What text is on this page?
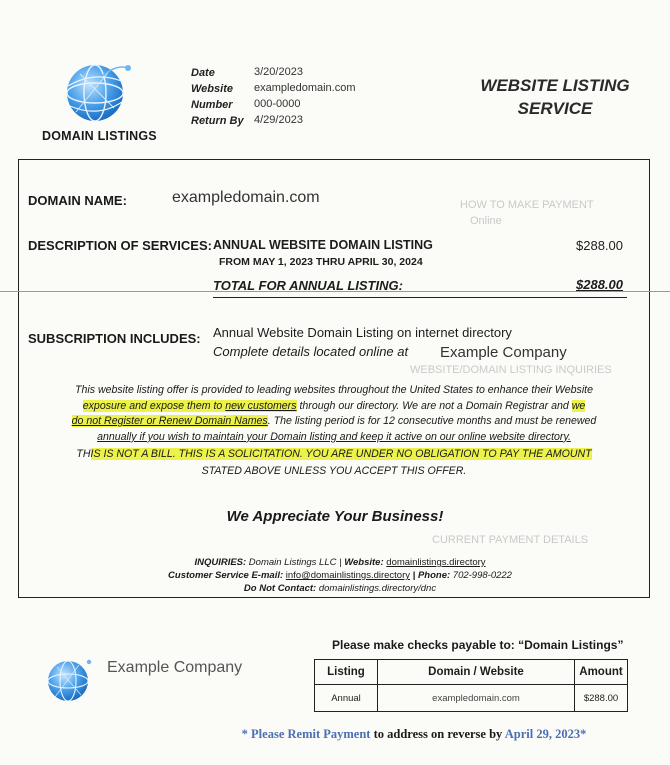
HOW TO MAKE PAYMENT
Online
WEBSITE/DOMAIN LISTING INQUIRIES
CURRENT PAYMENT DETAILS
DOMAIN LISTINGS
Date	3/20/2023
Website exampledomain.com
Number 000-0000
Return By 4/29/2023
WEBSITE LISTING
SERVICE
DOMAIN NAME:	exampledomain.com
DESCRIPTION OF SERVICES: ANNUAL WEBSITE DOMAIN LISTING
FROM MAY 1, 2023 THRU APRIL 30, 2024
$288.00
TOTAL FOR ANNUAL LISTING:	$288.00
SUBSCRIPTION INCLUDES: Annual Website Domain Listing on internet directory
Complete details located online at Example Company
This website listing offer is provided to leading websites throughout the United States to enhance their Website
exposure and expose them to new customers through our directory. We are not a Domain Registrar and we
do not Register or Renew Domain Names. The listing period is for 12 consecutive months and must be renewed
annually if you wish to maintain your Domain listing and keep it active on our online website directory.
THIS IS NOT A BILL. THIS IS A SOLICITATION. YOU ARE UNDER NO OBLIGATION TO PAY THE AMOUNT
STATED ABOVE UNLESS YOU ACCEPT THIS OFFER.
We Appreciate Your Business!
INQUIRIES: Domain Listings LLC | Website: domainlistings.directory
Customer Service E-mail: info@domainlistings.directory | Phone: 702-998-0222
Do Not Contact: domainlistings.directory/dnc
Example Company
Please make checks payable to: “Domain Listings”
Listing	Domain / Website	Amount
Annual	exampledomain.com	$288.00
* Please Remit Payment to address on reverse by April 29, 2023*
